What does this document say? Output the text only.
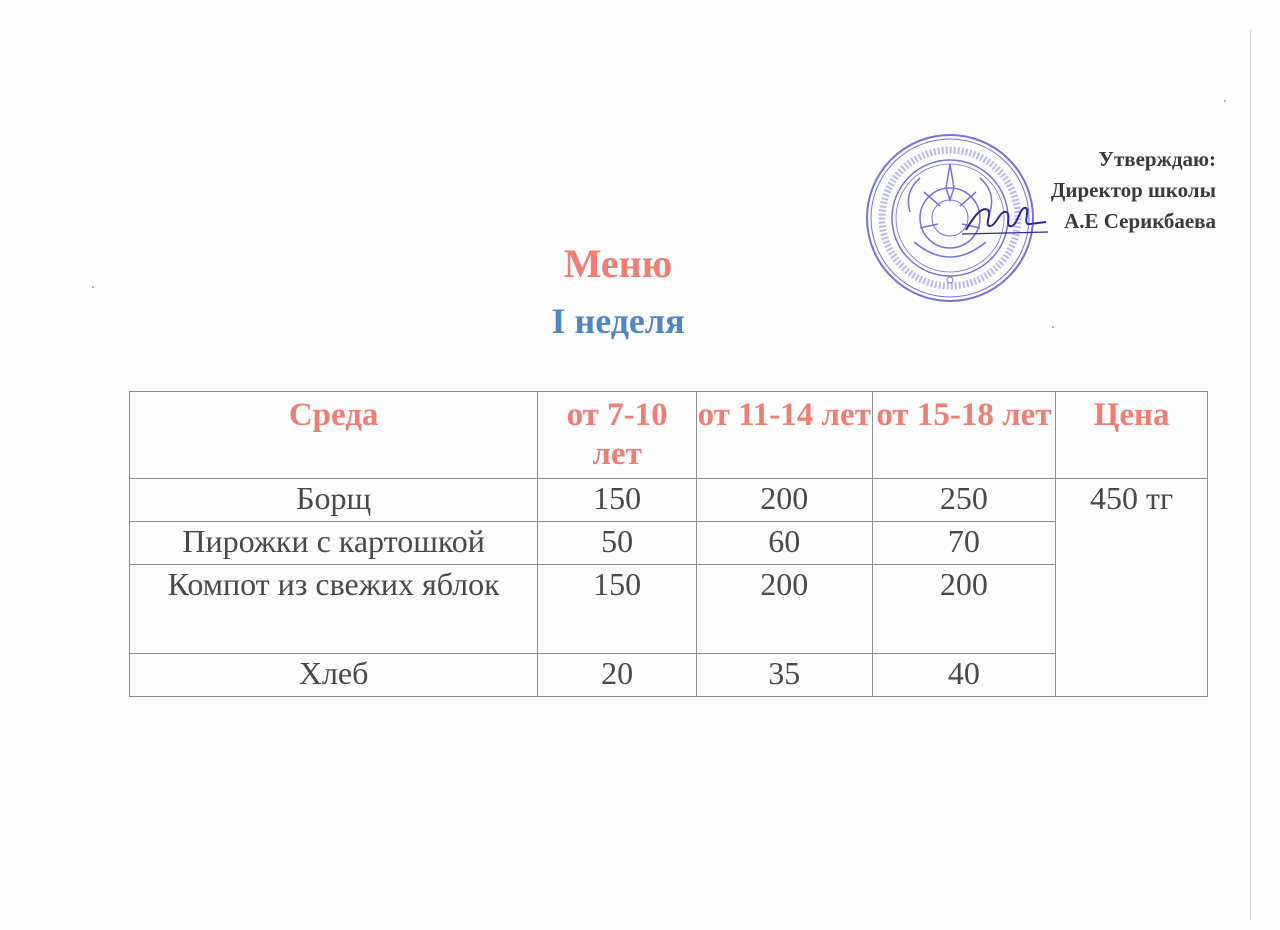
Утверждаю:
Директор школы
А.Е Серикбаева
Меню
I неделя
Среда	от 7-10 лет	от 11-14 лет	от 15-18 лет	Цена
Борщ	150	200	250	450 тг
Пирожки с картошкой	50	60	70	
Компот из свежих яблок	150	200	200	
Хлеб	20	35	40	
